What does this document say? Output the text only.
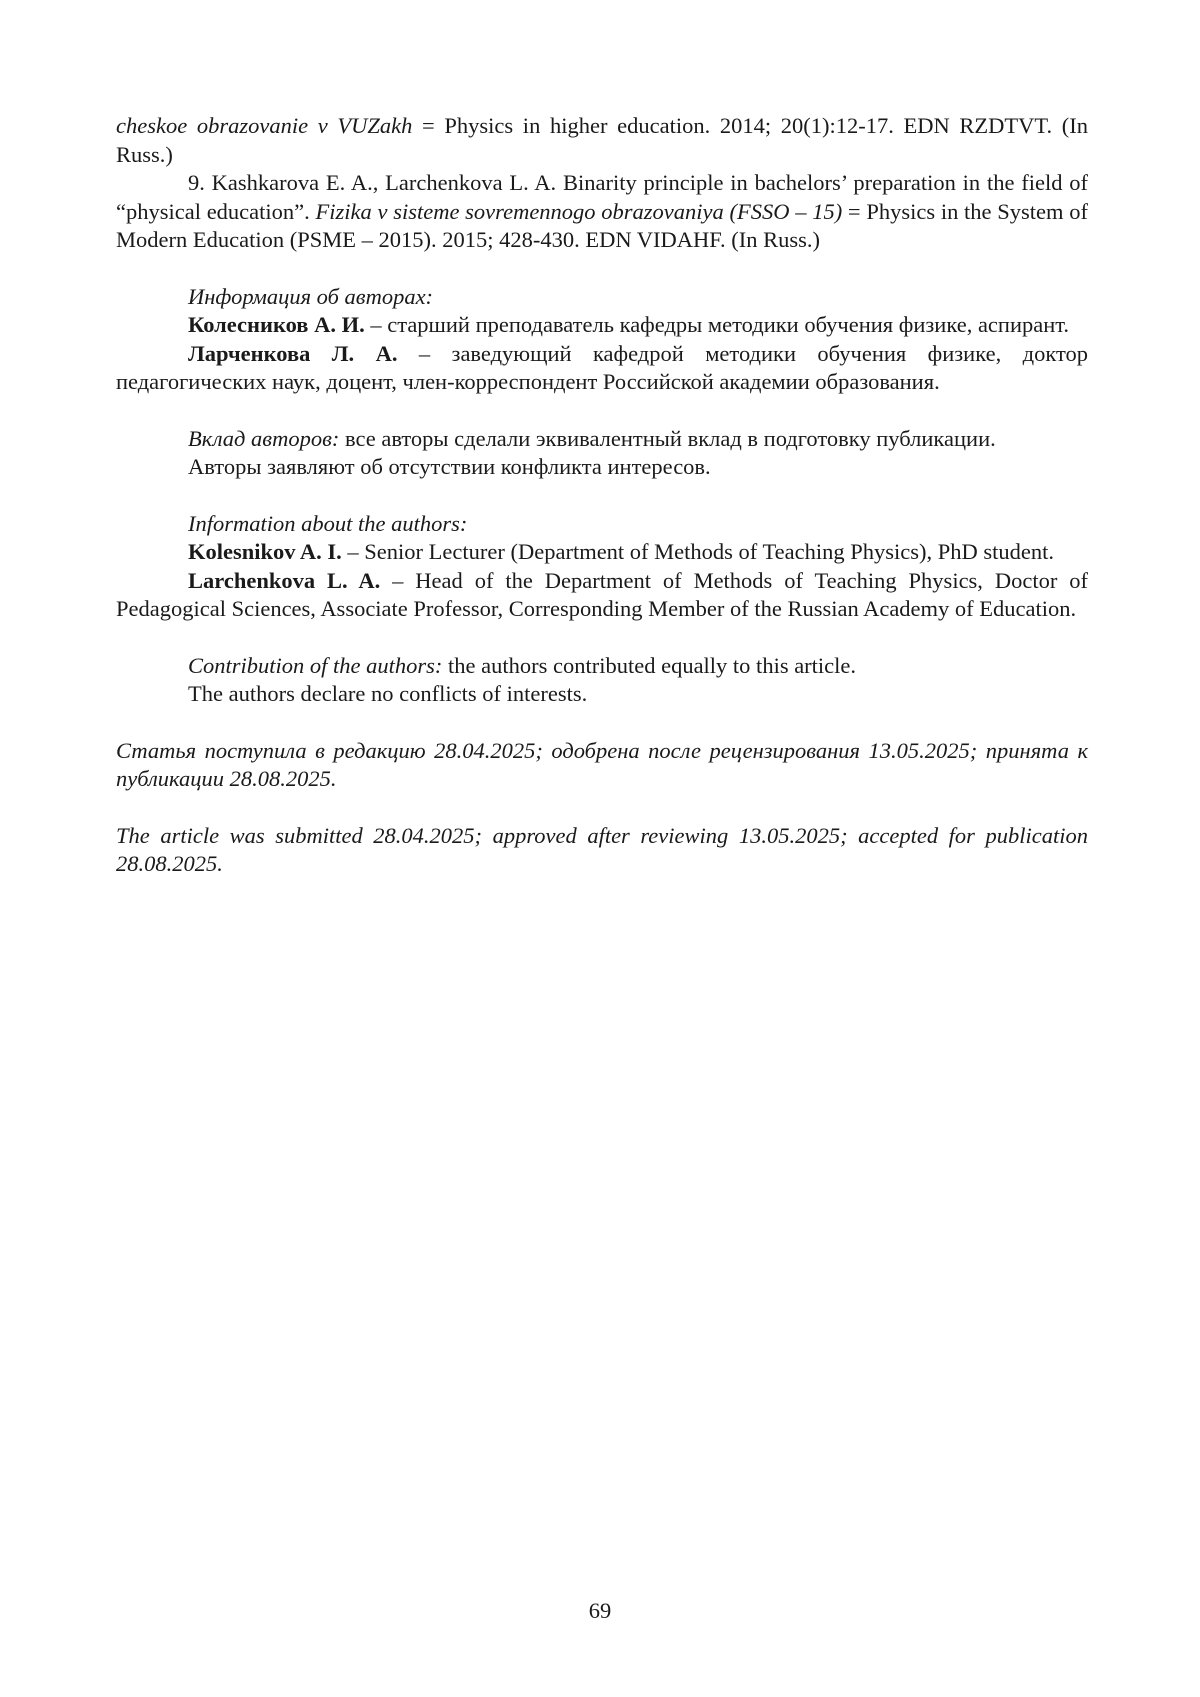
cheskoe obrazovanie v VUZakh = Physics in higher education. 2014; 20(1):12-17. EDN RZDTVT. (In Russ.)

9. Kashkarova E. A., Larchenkova L. A. Binarity principle in bachelors’ preparation in the field of “physical education”. Fizika v sisteme sovremennogo obrazovaniya (FSSO – 15) = Physics in the System of Modern Education (PSME – 2015). 2015; 428-430. EDN VIDAHF. (In Russ.)

Информация об авторах:

Колесников А. И. – старший преподаватель кафедры методики обучения физике, аспирант.

Ларченкова Л. А. – заведующий кафедрой методики обучения физике, доктор педагогических наук, доцент, член-корреспондент Российской академии образования.

Вклад авторов: все авторы сделали эквивалентный вклад в подготовку публикации.

Авторы заявляют об отсутствии конфликта интересов.

Information about the authors:

Kolesnikov A. I. – Senior Lecturer (Department of Methods of Teaching Physics), PhD student.

Larchenkova L. A. – Head of the Department of Methods of Teaching Physics, Doctor of Pedagogical Sciences, Associate Professor, Corresponding Member of the Russian Academy of Education.

Contribution of the authors: the authors contributed equally to this article.

The authors declare no conflicts of interests.

Статья поступила в редакцию 28.04.2025; одобрена после рецензирования 13.05.2025; принята к публикации 28.08.2025.

The article was submitted 28.04.2025; approved after reviewing 13.05.2025; accepted for publication 28.08.2025.

69
